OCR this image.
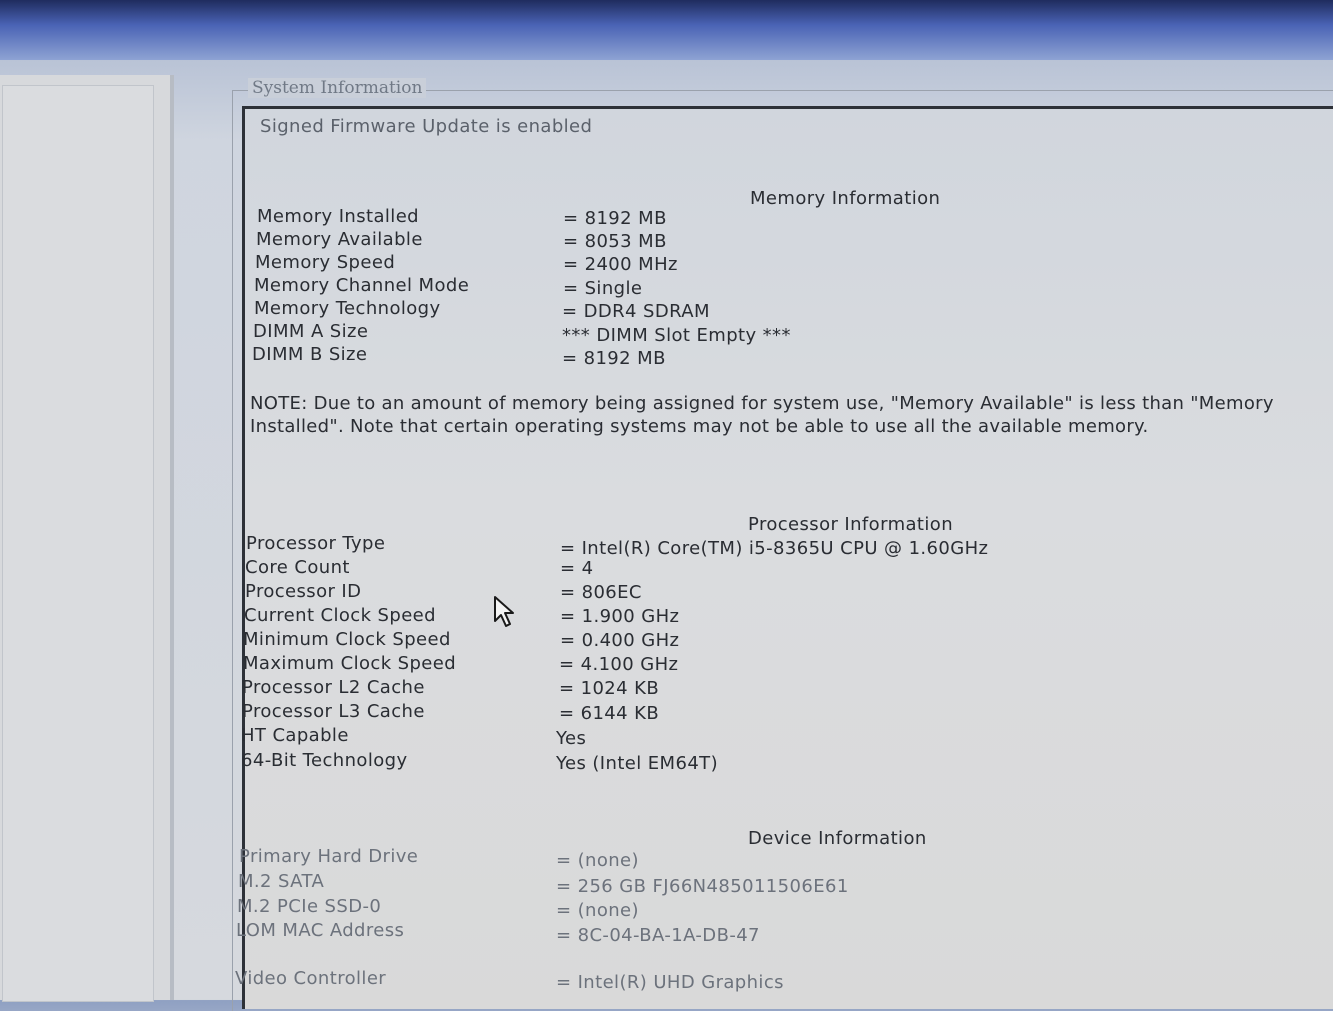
System Information
Signed Firmware Update is enabled
Memory Information
Memory Installed	= 8192 MB
Memory Available	= 8053 MB
Memory Speed	= 2400 MHz
Memory Channel Mode	= Single
Memory Technology	= DDR4 SDRAM
DIMM A Size	*** DIMM Slot Empty ***
DIMM B Size	= 8192 MB
NOTE: Due to an amount of memory being assigned for system use, "Memory Available" is less than "Memory Installed". Note that certain operating systems may not be able to use all the available memory.
Processor Information
Processor Type	= Intel(R) Core(TM) i5-8365U CPU @ 1.60GHz
Core Count	= 4
Processor ID	= 806EC
Current Clock Speed	= 1.900 GHz
Minimum Clock Speed	= 0.400 GHz
Maximum Clock Speed	= 4.100 GHz
Processor L2 Cache	= 1024 KB
Processor L3 Cache	= 6144 KB
HT Capable	Yes
64-Bit Technology	Yes (Intel EM64T)
Device Information
Primary Hard Drive	= (none)
M.2 SATA	= 256 GB FJ66N485011506E61
M.2 PCIe SSD-0	= (none)
LOM MAC Address	= 8C-04-BA-1A-DB-47
Video Controller	= Intel(R) UHD Graphics
